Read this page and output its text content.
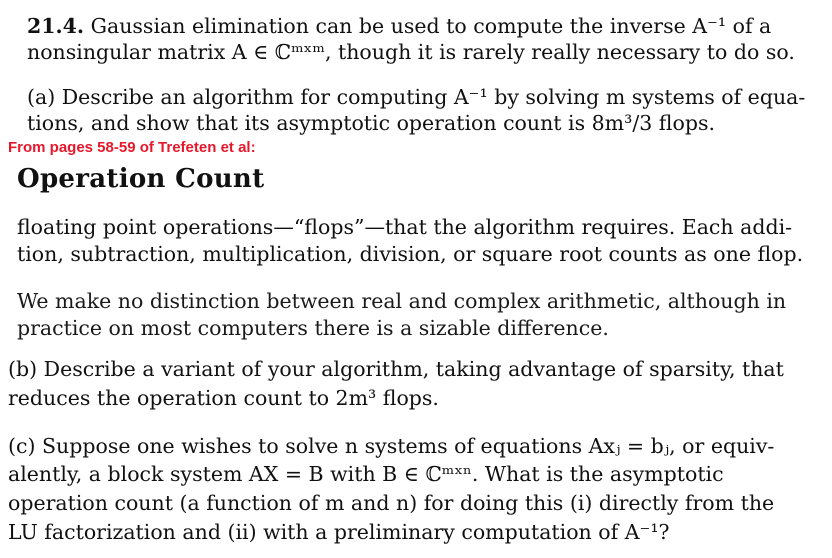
21.4. Gaussian elimination can be used to compute the inverse A⁻¹ of a
nonsingular matrix A ∈ ℂᵐˣᵐ, though it is rarely really necessary to do so.
(a) Describe an algorithm for computing A⁻¹ by solving m systems of equa-
tions, and show that its asymptotic operation count is 8m³/3 flops.
From pages 58-59 of Trefeten et al:
Operation Count
floating point operations—“flops”—that the algorithm requires. Each addi-
tion, subtraction, multiplication, division, or square root counts as one flop.
We make no distinction between real and complex arithmetic, although in
practice on most computers there is a sizable difference.
(b) Describe a variant of your algorithm, taking advantage of sparsity, that
reduces the operation count to 2m³ flops.
(c) Suppose one wishes to solve n systems of equations Axⱼ = bⱼ, or equiv-
alently, a block system AX = B with B ∈ ℂᵐˣⁿ. What is the asymptotic
operation count (a function of m and n) for doing this (i) directly from the
LU factorization and (ii) with a preliminary computation of A⁻¹?
